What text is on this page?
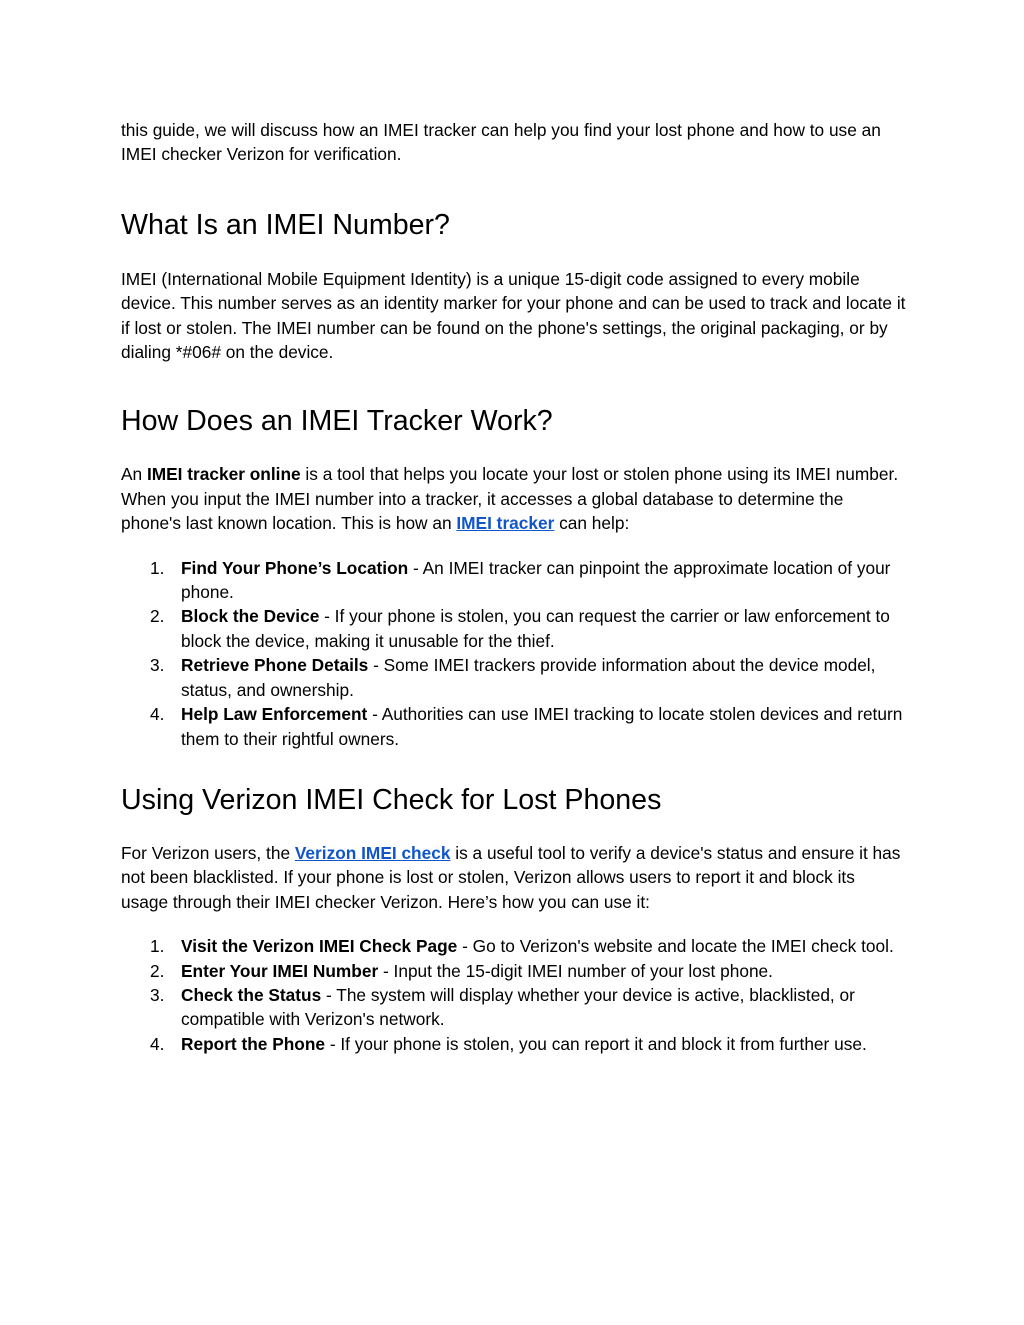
this guide, we will discuss how an IMEI tracker can help you find your lost phone and how to use an IMEI checker Verizon for verification.

What Is an IMEI Number?

IMEI (International Mobile Equipment Identity) is a unique 15-digit code assigned to every mobile device. This number serves as an identity marker for your phone and can be used to track and locate it if lost or stolen. The IMEI number can be found on the phone's settings, the original packaging, or by dialing *#06# on the device.

How Does an IMEI Tracker Work?

An IMEI tracker online is a tool that helps you locate your lost or stolen phone using its IMEI number. When you input the IMEI number into a tracker, it accesses a global database to determine the phone's last known location. This is how an IMEI tracker can help:

1. Find Your Phone’s Location - An IMEI tracker can pinpoint the approximate location of your phone.
2. Block the Device - If your phone is stolen, you can request the carrier or law enforcement to block the device, making it unusable for the thief.
3. Retrieve Phone Details - Some IMEI trackers provide information about the device model, status, and ownership.
4. Help Law Enforcement - Authorities can use IMEI tracking to locate stolen devices and return them to their rightful owners.
Using Verizon IMEI Check for Lost Phones

For Verizon users, the Verizon IMEI check is a useful tool to verify a device's status and ensure it has not been blacklisted. If your phone is lost or stolen, Verizon allows users to report it and block its usage through their IMEI checker Verizon. Here’s how you can use it:

1. Visit the Verizon IMEI Check Page - Go to Verizon's website and locate the IMEI check tool.
2. Enter Your IMEI Number - Input the 15-digit IMEI number of your lost phone.
3. Check the Status - The system will display whether your device is active, blacklisted, or compatible with Verizon's network.
4. Report the Phone - If your phone is stolen, you can report it and block it from further use.
